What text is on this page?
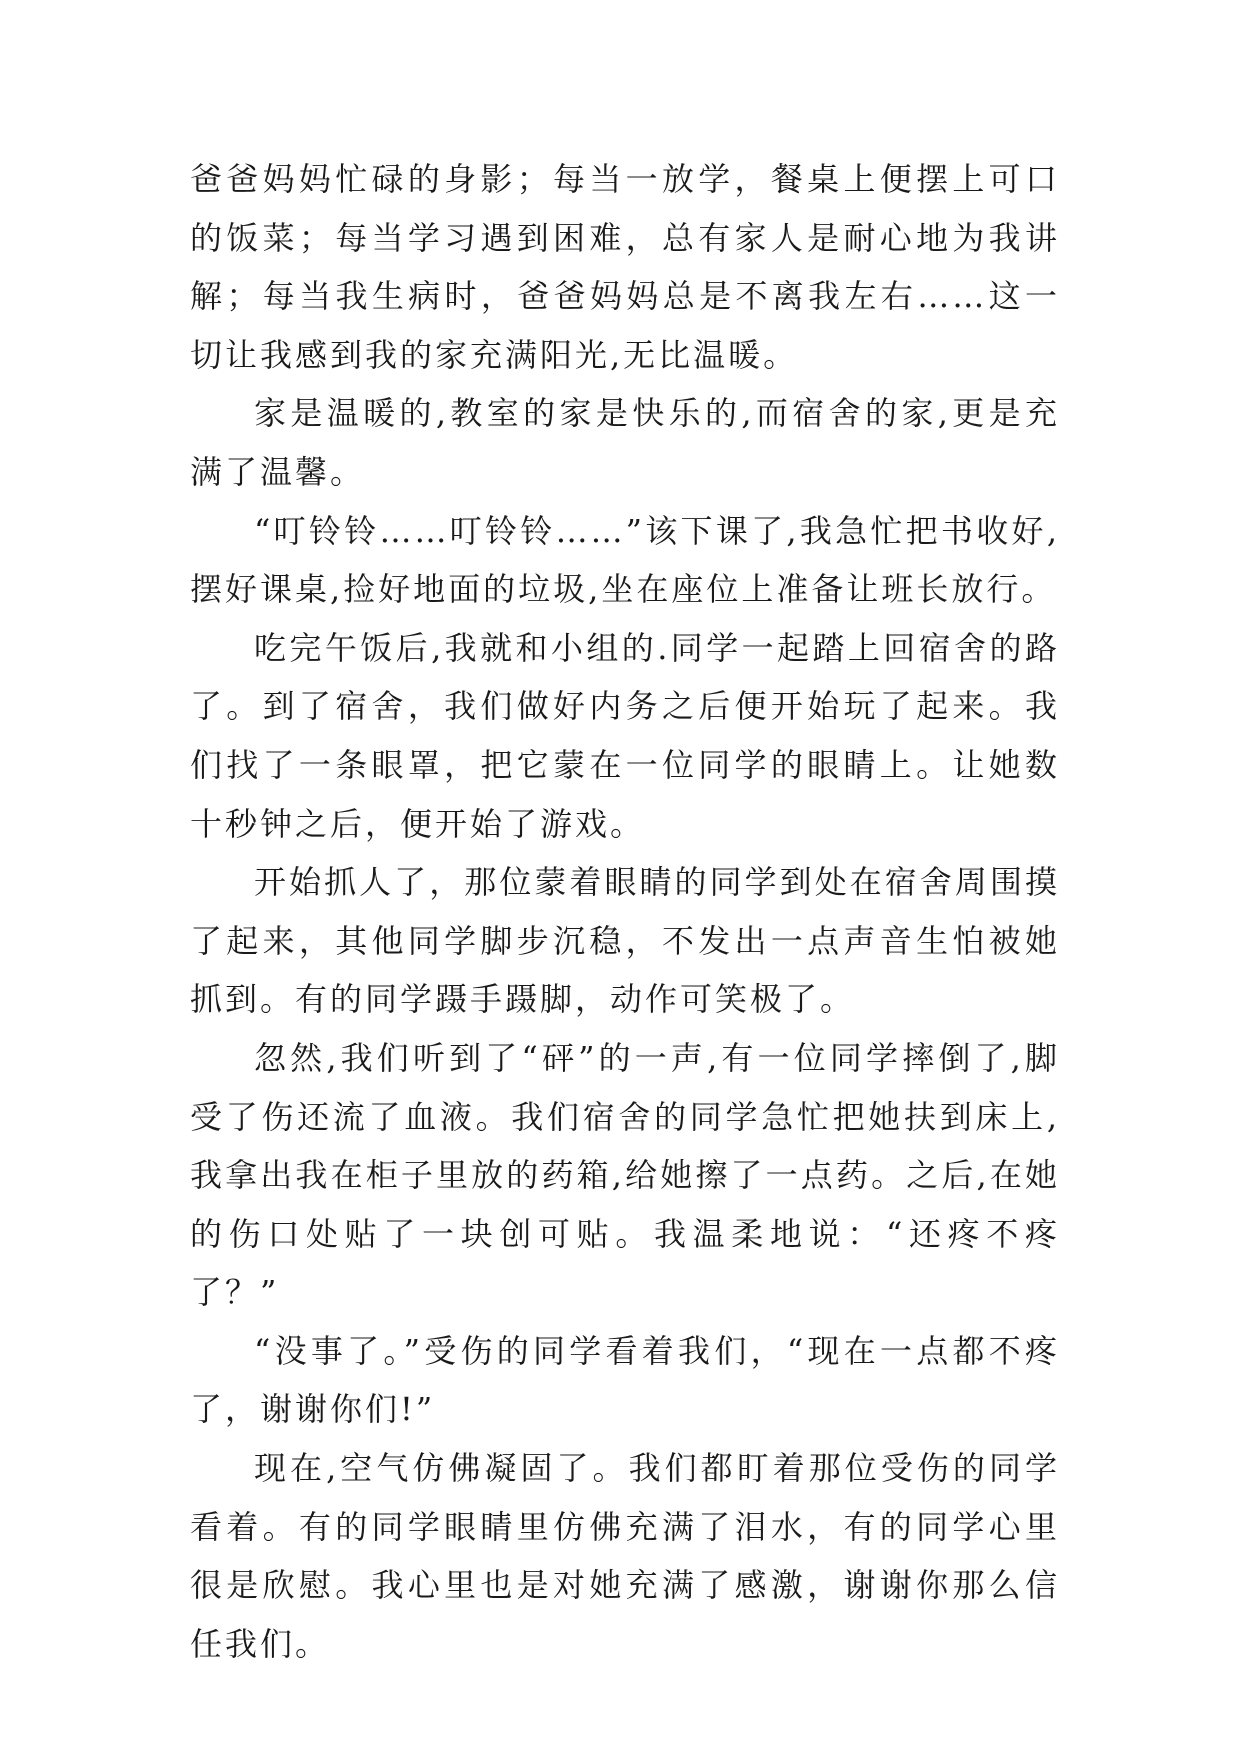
爸爸妈妈忙碌的身影；每当一放学，餐桌上便摆上可口的饭菜；每当学习遇到困难，总有家人是耐心地为我讲解；每当我生病时，爸爸妈妈总是不离我左右……这一切让我感到我的家充满阳光,无比温暖。

家是温暖的,教室的家是快乐的,而宿舍的家,更是充满了温馨。

“叮铃铃……叮铃铃……”该下课了,我急忙把书收好,摆好课桌,捡好地面的垃圾,坐在座位上准备让班长放行。

吃完午饭后,我就和小组的.同学一起踏上回宿舍的路了。到了宿舍，我们做好内务之后便开始玩了起来。我们找了一条眼罩，把它蒙在一位同学的眼睛上。让她数十秒钟之后，便开始了游戏。

开始抓人了，那位蒙着眼睛的同学到处在宿舍周围摸了起来，其他同学脚步沉稳，不发出一点声音生怕被她抓到。有的同学蹑手蹑脚，动作可笑极了。

忽然,我们听到了“砰”的一声,有一位同学摔倒了,脚受了伤还流了血液。我们宿舍的同学急忙把她扶到床上,我拿出我在柜子里放的药箱,给她擦了一点药。之后,在她的伤口处贴了一块创可贴。我温柔地说：“还疼不疼了？”

“没事了。”受伤的同学看着我们，“现在一点都不疼了，谢谢你们!”

现在,空气仿佛凝固了。我们都盯着那位受伤的同学看着。有的同学眼睛里仿佛充满了泪水，有的同学心里很是欣慰。我心里也是对她充满了感激，谢谢你那么信任我们。
